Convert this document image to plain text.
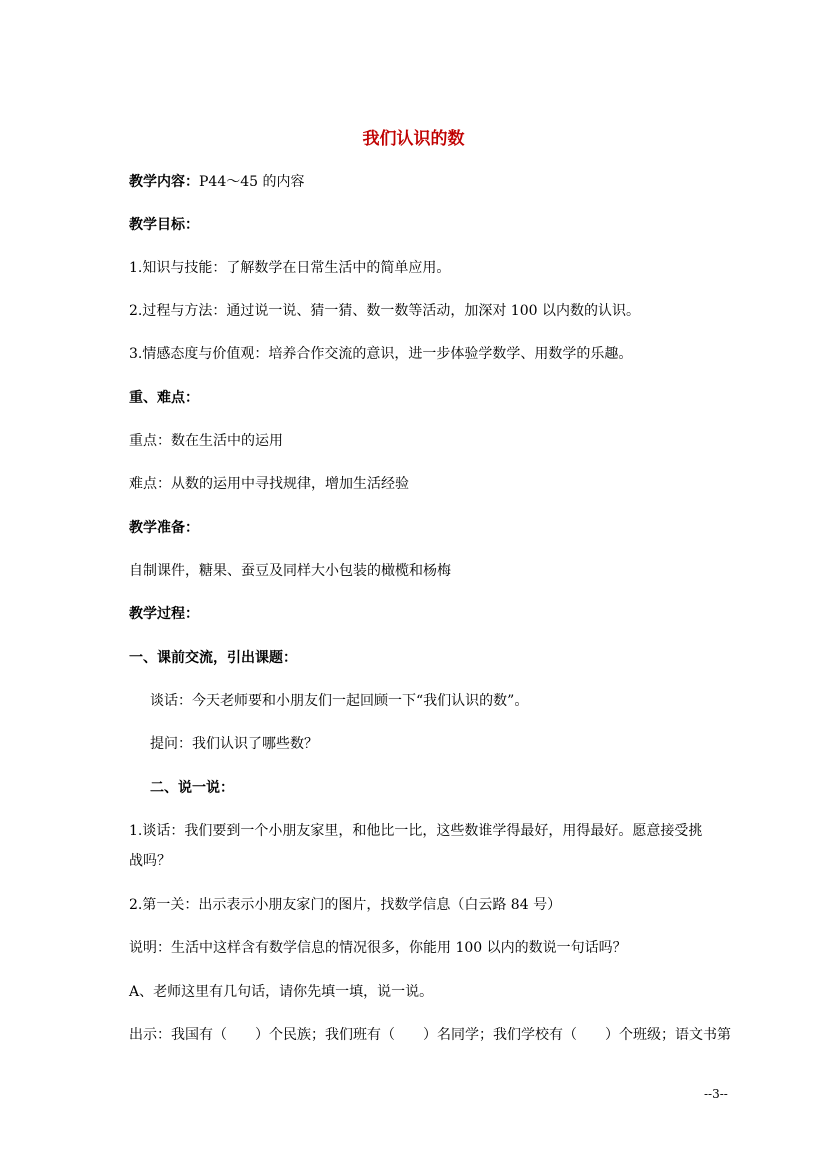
我们认识的数
教学内容：P44～45 的内容
教学目标：
1.知识与技能：了解数学在日常生活中的简单应用。
2.过程与方法：通过说一说、猜一猜、数一数等活动，加深对 100 以内数的认识。
3.情感态度与价值观：培养合作交流的意识，进一步体验学数学、用数学的乐趣。
重、难点：
重点：数在生活中的运用
难点：从数的运用中寻找规律，增加生活经验
教学准备：
自制课件，糖果、蚕豆及同样大小包装的橄榄和杨梅
教学过程：
一、课前交流，引出课题：
谈话：今天老师要和小朋友们一起回顾一下“我们认识的数”。
提问：我们认识了哪些数？
二、说一说：
1.谈话：我们要到一个小朋友家里，和他比一比，这些数谁学得最好，用得最好。愿意接受挑
战吗？
2.第一关：出示表示小朋友家门的图片，找数学信息（白云路 84 号）
说明：生活中这样含有数学信息的情况很多，你能用 100 以内的数说一句话吗？
A、老师这里有几句话，请你先填一填，说一说。
出示：我国有（　　）个民族；我们班有（　　）名同学；我们学校有（　　）个班级；语文书第
--3--
